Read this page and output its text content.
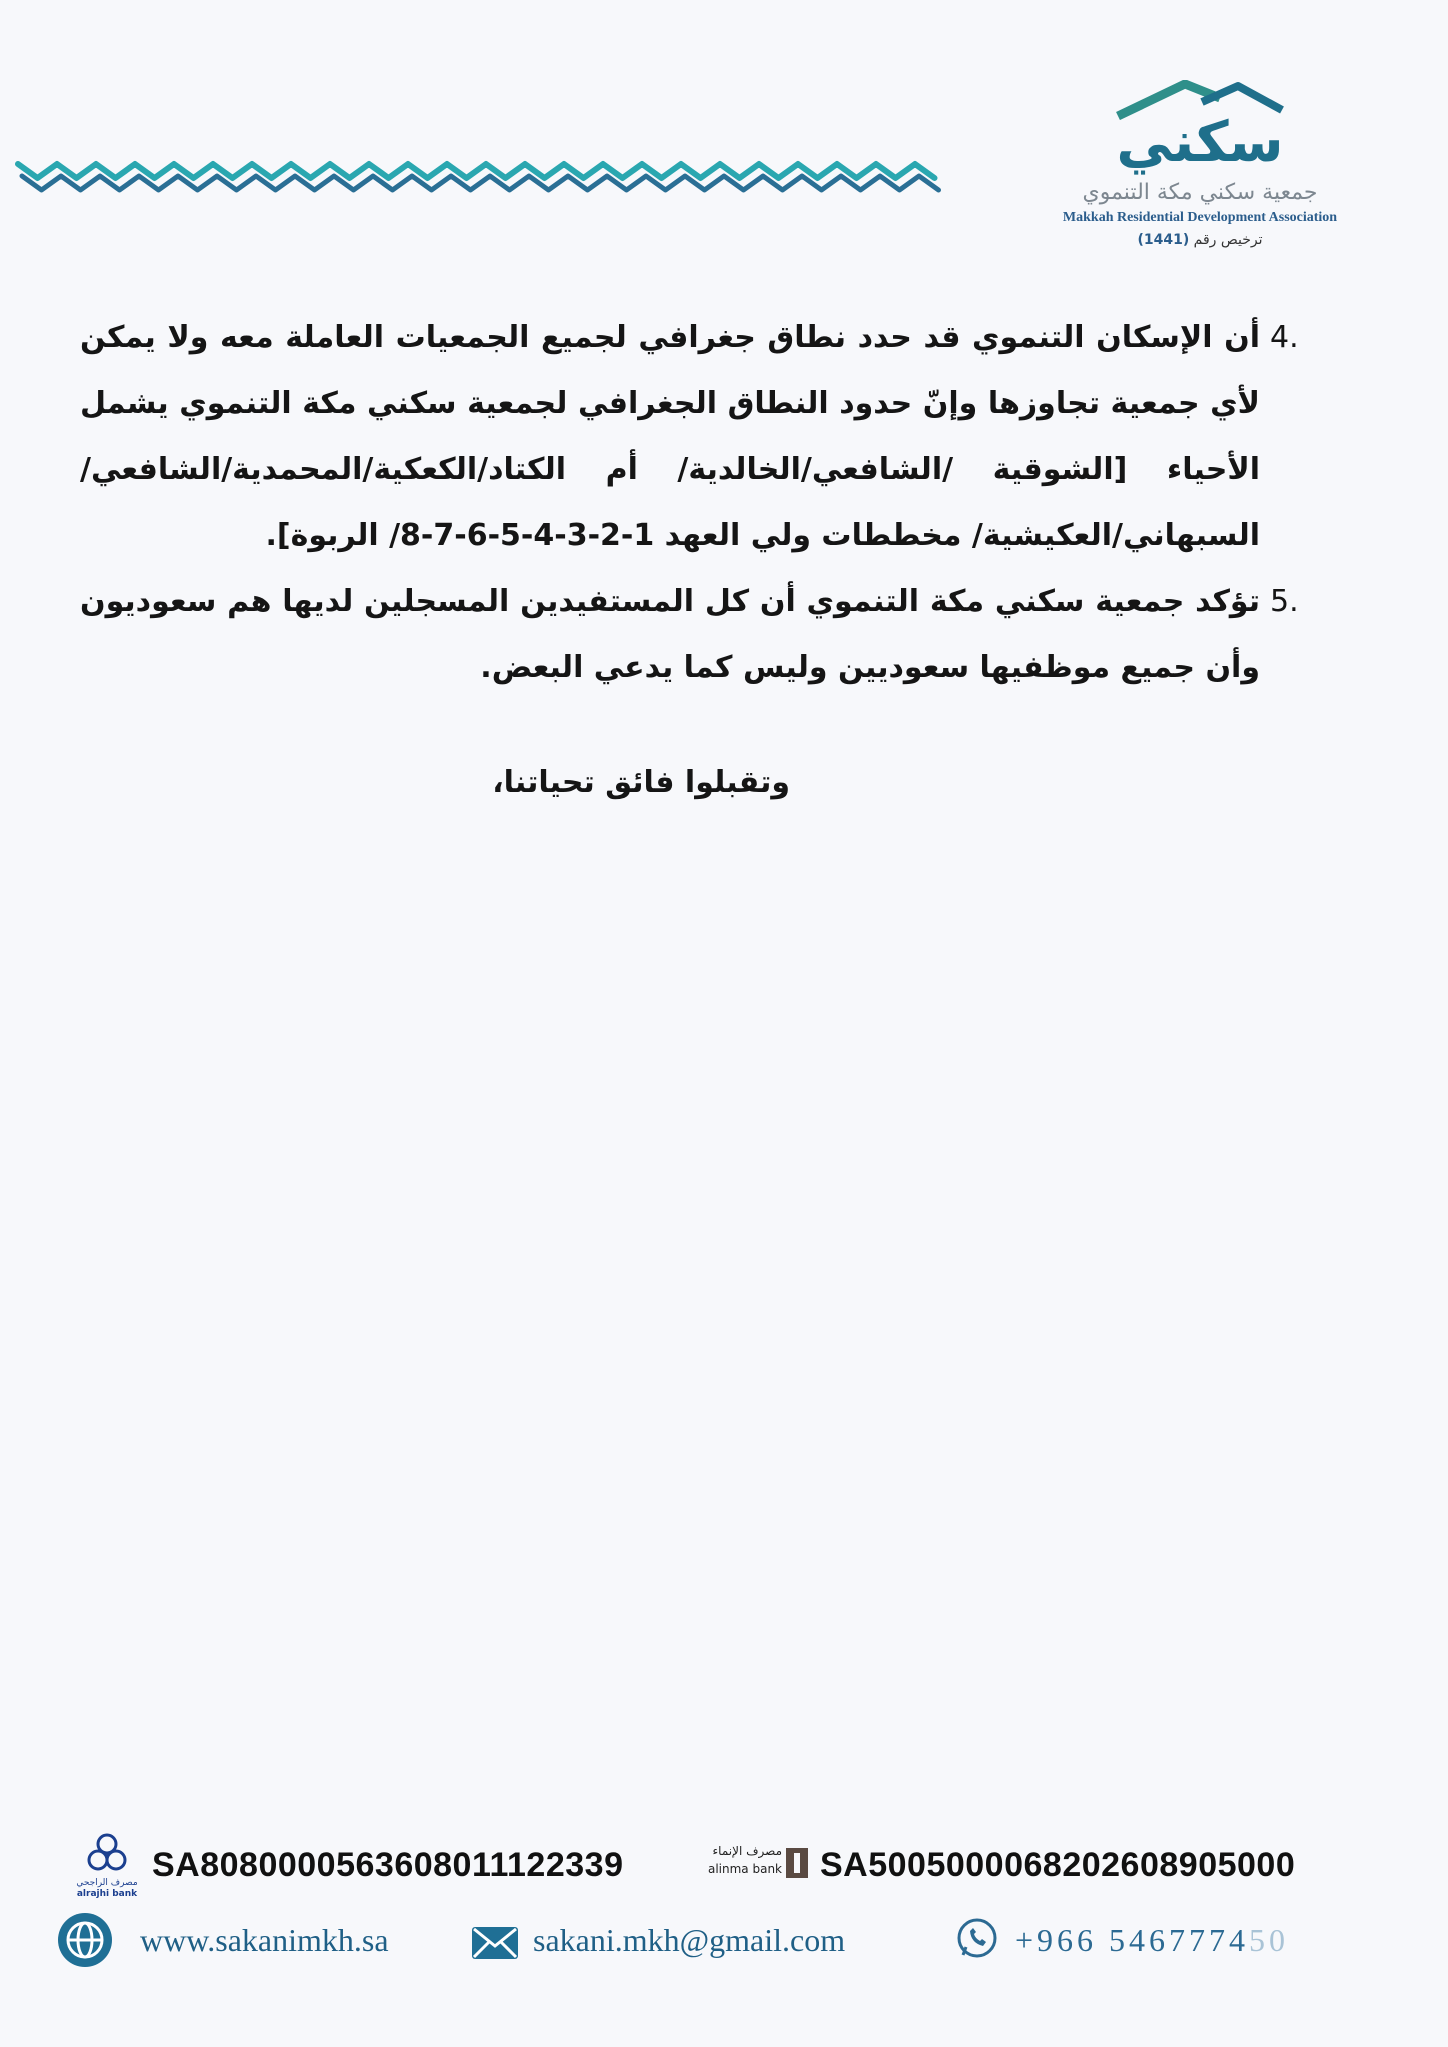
سكني
جمعية سكني مكة التنموي
Makkah Residential Development Association
ترخيص رقم (1441)
4.
أن الإسكان التنموي قد حدد نطاق جغرافي لجميع الجمعيات العاملة معه ولا يمكن لأي جمعية تجاوزها وإنّ حدود النطاق الجغرافي لجمعية سكني مكة التنموي يشمل الأحياء [الشوقية /الشافعي/الخالدية/ أم الكتاد/الكعكية/المحمدية/الشافعي/السبهاني/العكيشية/ مخططات ولي العهد 1-2-3-4-5-6-7-8/ الربوة].
5.
تؤكد جمعية سكني مكة التنموي أن كل المستفيدين المسجلين لديها هم سعوديون وأن جميع موظفيها سعوديين وليس كما يدعي البعض.
وتقبلوا فائق تحياتنا،
مصرف الراجحي
alrajhi bank
SA8080000563608011122339	مصرف الإنماء
alinma bank SA5005000068202608905000
www.sakanimkh.sa	sakani.mkh@gmail.com	+966 546777450
